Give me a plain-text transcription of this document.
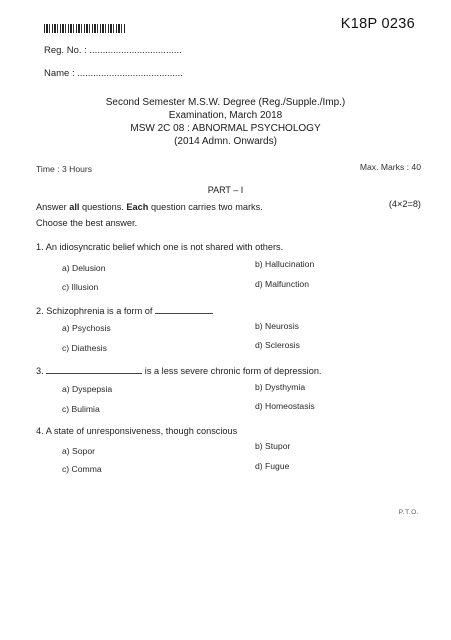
K18P 0236
Reg. No. : ...................................
Name : ........................................
Second Semester M.S.W. Degree (Reg./Supple./Imp.)
Examination, March 2018
MSW 2C 08 : ABNORMAL PSYCHOLOGY
(2014 Admn. Onwards)
Time : 3 Hours	Max. Marks : 40
PART – I
Answer all questions. Each question carries two marks.	(4×2=8)
Choose the best answer.
1. An idiosyncratic belief which one is not shared with others.
a) Delusion	b) Hallucination
c) Illusion	d) Malfunction
2. Schizophrenia is a form of
a) Psychosis	b) Neurosis
c) Diathesis	d) Sclerosis
3.	is a less severe chronic form of depression.
a) Dyspepsia	b) Dysthymia
c) Bulimia	d) Homeostasis
4. A state of unresponsiveness, though conscious
a) Sopor	b) Stupor
c) Comma	d) Fugue
P.T.O.
